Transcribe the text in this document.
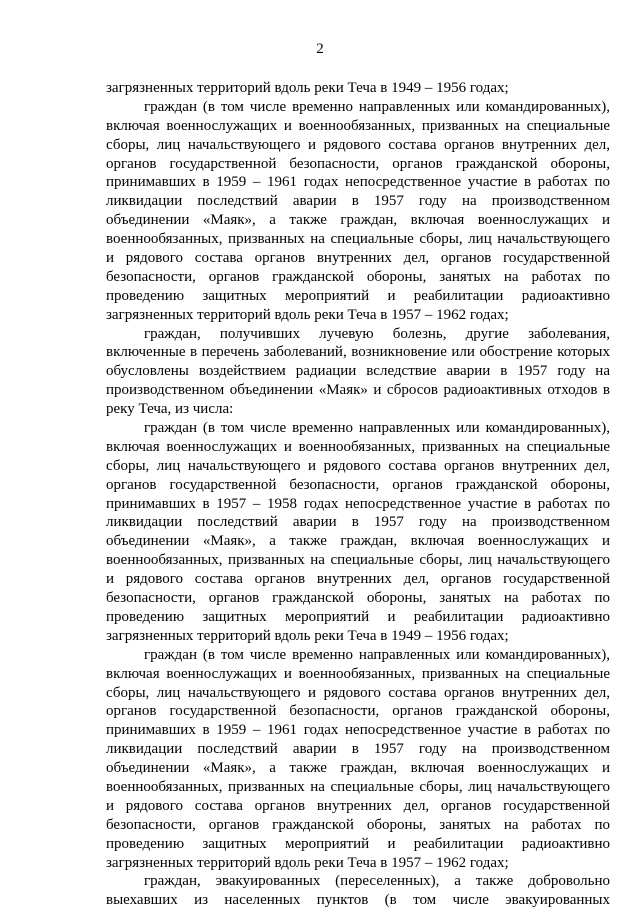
2
загрязненных территорий вдоль реки Теча в 1949 – 1956 годах;
граждан (в том числе временно направленных или командированных),
включая военнослужащих и военнообязанных, призванных на специальные
сборы, лиц начальствующего и рядового состава органов внутренних дел,
органов государственной безопасности, органов гражданской обороны,
принимавших в 1959 – 1961 годах непосредственное участие в работах по
ликвидации последствий аварии в 1957 году на производственном
объединении «Маяк», а также граждан, включая военнослужащих и
военнообязанных, призванных на специальные сборы, лиц начальствующего
и рядового состава органов внутренних дел, органов государственной
безопасности, органов гражданской обороны, занятых на работах по
проведению защитных мероприятий и реабилитации радиоактивно
загрязненных территорий вдоль реки Теча в 1957 – 1962 годах;
граждан, получивших лучевую болезнь, другие заболевания,
включенные в перечень заболеваний, возникновение или обострение которых
обусловлены воздействием радиации вследствие аварии в 1957 году на
производственном объединении «Маяк» и сбросов радиоактивных отходов в
реку Теча, из числа:
граждан (в том числе временно направленных или командированных),
включая военнослужащих и военнообязанных, призванных на специальные
сборы, лиц начальствующего и рядового состава органов внутренних дел,
органов государственной безопасности, органов гражданской обороны,
принимавших в 1957 – 1958 годах непосредственное участие в работах по
ликвидации последствий аварии в 1957 году на производственном
объединении «Маяк», а также граждан, включая военнослужащих и
военнообязанных, призванных на специальные сборы, лиц начальствующего
и рядового состава органов внутренних дел, органов государственной
безопасности, органов гражданской обороны, занятых на работах по
проведению защитных мероприятий и реабилитации радиоактивно
загрязненных территорий вдоль реки Теча в 1949 – 1956 годах;
граждан (в том числе временно направленных или командированных),
включая военнослужащих и военнообязанных, призванных на специальные
сборы, лиц начальствующего и рядового состава органов внутренних дел,
органов государственной безопасности, органов гражданской обороны,
принимавших в 1959 – 1961 годах непосредственное участие в работах по
ликвидации последствий аварии в 1957 году на производственном
объединении «Маяк», а также граждан, включая военнослужащих и
военнообязанных, призванных на специальные сборы, лиц начальствующего
и рядового состава органов внутренних дел, органов государственной
безопасности, органов гражданской обороны, занятых на работах по
проведению защитных мероприятий и реабилитации радиоактивно
загрязненных территорий вдоль реки Теча в 1957 – 1962 годах;
граждан, эвакуированных (переселенных), а также добровольно
выехавших из населенных пунктов (в том числе эвакуированных
